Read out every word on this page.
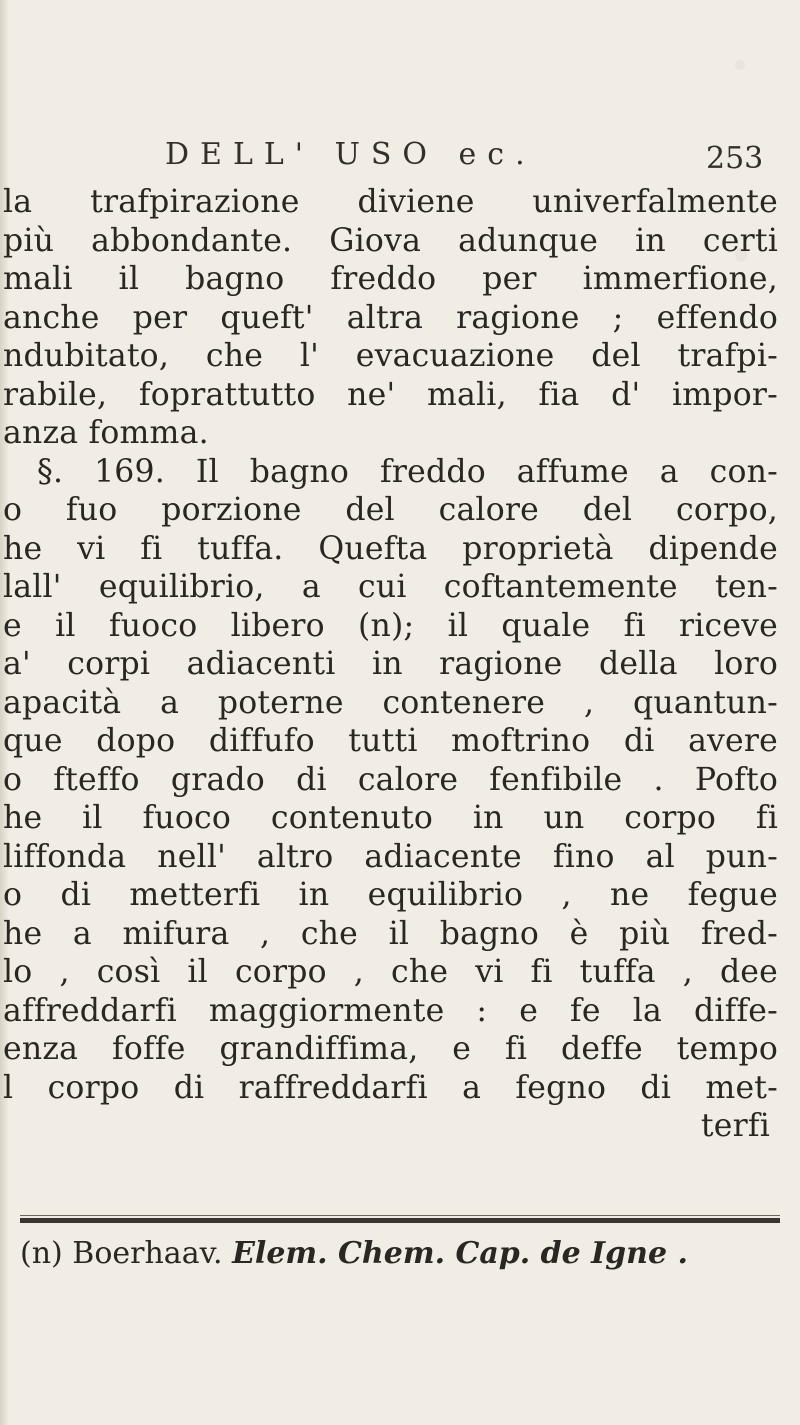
DELL' USO ec.	253
la trafpirazione diviene univerfalmente
più abbondante. Giova adunque in certi
mali il bagno freddo per immerfione,
anche per queft' altra ragione ; effendo
ndubitato, che l' evacuazione del trafpi-
rabile, foprattutto ne' mali, fia d' impor-
anza fomma.
§. 169. Il bagno freddo affume a con-
o fuo porzione del calore del corpo,
he vi fi tuffa. Quefta proprietà dipende
lall' equilibrio, a cui coftantemente ten-
e il fuoco libero (n); il quale fi riceve
a' corpi adiacenti in ragione della loro
apacità a poterne contenere , quantun-
que dopo diffufo tutti moftrino di avere
o fteffo grado di calore fenfibile . Pofto
he il fuoco contenuto in un corpo fi
liffonda nell' altro adiacente fino al pun-
o di metterfi in equilibrio , ne fegue
he a mifura , che il bagno è più fred-
lo , così il corpo , che vi fi tuffa , dee
affreddarfi maggiormente : e fe la diffe-
enza foffe grandiffima, e fi deffe tempo
l corpo di raffreddarfi a fegno di met-
terfi
(n) Boerhaav. Elem. Chem. Cap. de Igne .
